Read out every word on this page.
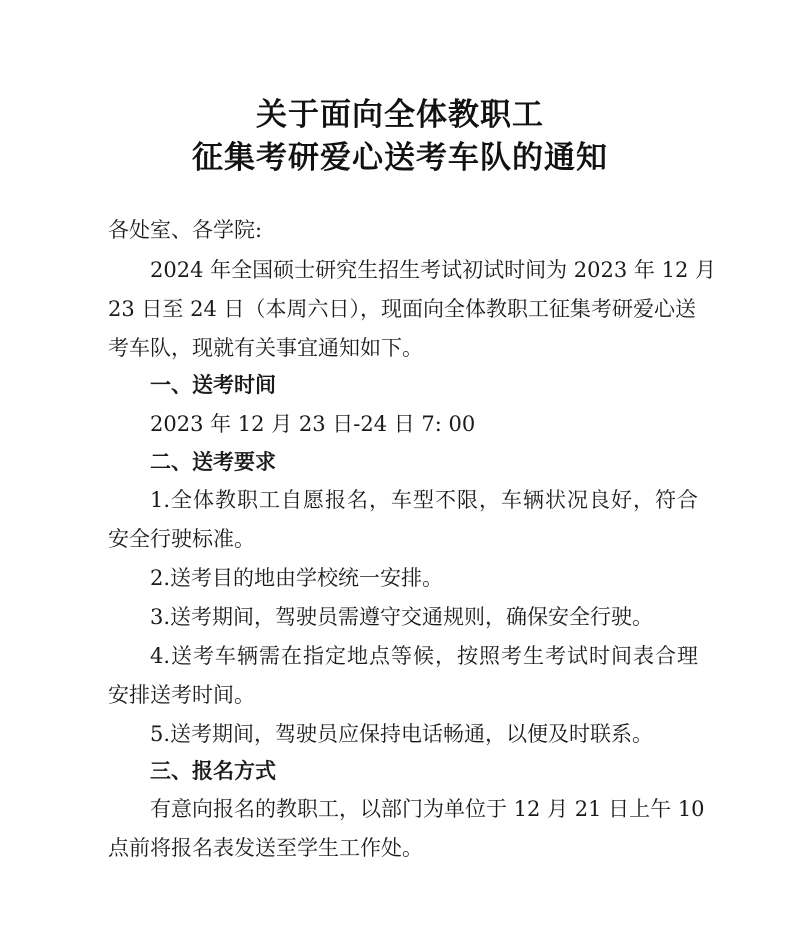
关于面向全体教职工
征集考研爱心送考车队的通知
各处室、各学院:
2024 年全国硕士研究生招生考试初试时间为 2023 年 12 月
23 日至 24 日（本周六日），现面向全体教职工征集考研爱心送
考车队，现就有关事宜通知如下。
一、送考时间
2023 年 12 月 23 日-24 日 7: 00
二、送考要求
1.全体教职工自愿报名，车型不限，车辆状况良好，符合
安全行驶标准。
2.送考目的地由学校统一安排。
3.送考期间，驾驶员需遵守交通规则，确保安全行驶。
4.送考车辆需在指定地点等候，按照考生考试时间表合理
安排送考时间。
5.送考期间，驾驶员应保持电话畅通，以便及时联系。
三、报名方式
有意向报名的教职工，以部门为单位于 12 月 21 日上午 10
点前将报名表发送至学生工作处。
